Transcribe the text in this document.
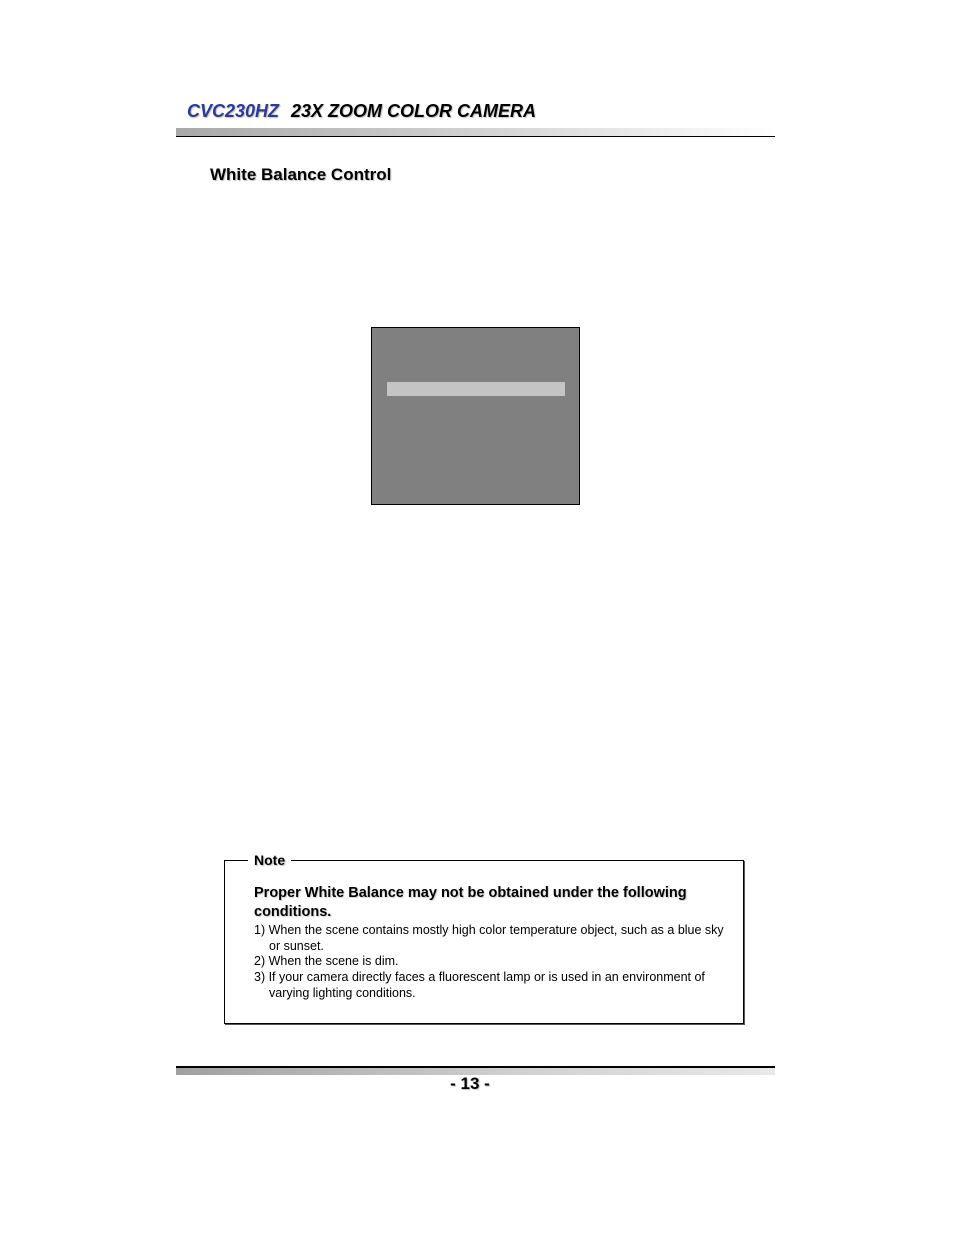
CVC230HZ 23X ZOOM COLOR CAMERA
White Balance Control
Note

Proper White Balance may not be obtained under the following conditions.

1) When the scene contains mostly high color temperature object, such as a blue sky or sunset.
2) When the scene is dim.
3) If your camera directly faces a fluorescent lamp or is used in an environment of varying lighting conditions.
- 13 -
